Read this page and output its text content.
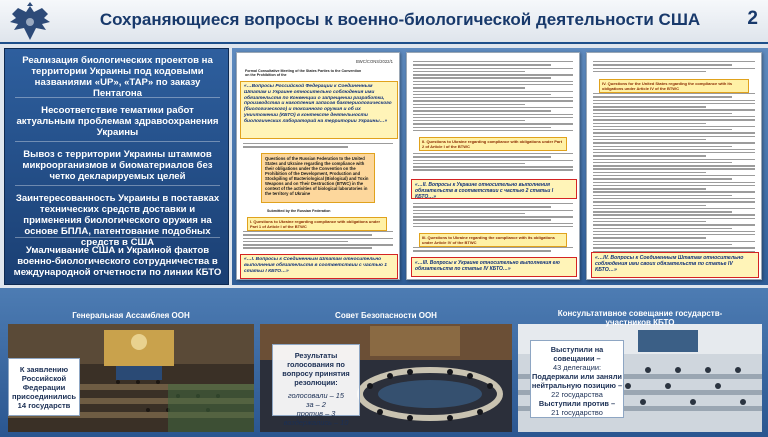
Сохраняющиеся вопросы к военно-биологической деятельности США	2
Реализация биологических проектов на территории Украины под кодовыми названиями «UP», «TAP» по заказу Пентагона
Несоответствие тематики работ актуальным проблемам здравоохранения Украины
Вывоз с территории Украины штаммов микроорганизмов и биоматериалов без четко декларируемых целей
Заинтересованность Украины в поставках технических средств доставки и применения биологического оружия на основе БПЛА, патентование подобных средств в США
Умалчивание США и Украиной фактов военно-биологического сотрудничества в международной отчетности по линии КБТО
BWC/CONS/2022/1
Formal Consultative Meeting of the States Parties to the Convention on the Prohibition of the
«…Вопросы Российской Федерации к Соединенным Штатам и Украине относительно соблюдения ими обязательств по Конвенции о запрещении разработки, производства и накопления запасов бактериологического (биологического) и токсинного оружия и об их уничтожении (КБТО) в контексте деятельности биологических лабораторий на территории Украины…»
Questions of the Russian Federation to the United States and Ukraine regarding the compliance with their obligations under the Convention on the Prohibition of the Development, Production and Stockpiling of Bacteriological (Biological) and Toxin Weapons and on Their Destruction (BTWC) in the context of the activities of biological laboratories in the territory of Ukraine
Submitted by the Russian Federation
I. Questions to Ukraine regarding compliance with obligations under Part 1 of Article I of the BTWC
«…I. Вопросы к Соединенным Штатам относительно выполнения обязательств в соответствии с частью 1 статьи I КБТО…»
II. Questions to Ukraine regarding compliance with obligations under Part 2 of Article I of the BTWC
«…II. Вопросы к Украине относительно выполнения обязательств в соответствии с частью 2 статьи I КБТО…»
III. Questions to Ukraine regarding the compliance with its obligations under Article IV of the BTWC
«…III. Вопросы к Украине относительно выполнения ею обязательств по статье IV КБТО…»
IV. Questions for the United States regarding the compliance with its obligations under Article IV of the BTWC
«…IV. Вопросы к Соединенным Штатам относительно соблюдения ими своих обязательств по статье IV КБТО…»
Генеральная Ассамблея ООН
К заявлению Российской Федерации присоединились 14 государств
Совет Безопасности ООН
Результаты голосования по вопросу принятия резолюции:
голосовали – 15
за – 2
против – 3
воздержались – 10
Консультативное совещание государств-участников КБТО
Выступили на совещании –
43 делегации:
Поддержали или заняли нейтральную позицию –
22 государства
Выступили против –
21 государство
